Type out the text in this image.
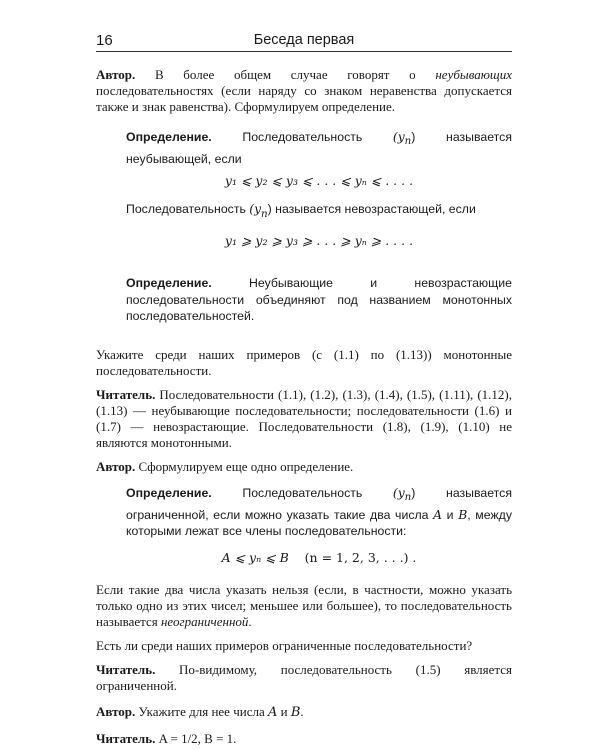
16	Беседа первая

Автор. В более общем случае говорят о неубывающих последовательностях (если наряду со знаком неравенства допускается также и знак равенства). Сформулируем определение.

Определение. Последовательность $(y_n)$ называется неубывающей, если

y₁ ⩽ y₂ ⩽ y₃ ⩽ . . . ⩽ yₙ ⩽ . . . .

Последовательность $(y_n)$ называется невозрастающей, если

y₁ ⩾ y₂ ⩾ y₃ ⩾ . . . ⩾ yₙ ⩾ . . . .

Определение. Неубывающие и невозрастающие последовательности объединяют под названием монотонных последовательностей.

Укажите среди наших примеров (с (1.1) по (1.13)) монотонные последовательности.

Читатель. Последовательности (1.1), (1.2), (1.3), (1.4), (1.5), (1.11), (1.12), (1.13) — неубывающие последовательности; последовательности (1.6) и (1.7) — невозрастающие. Последовательности (1.8), (1.9), (1.10) не являются монотонными.

Автор. Сформулируем еще одно определение.

Определение. Последовательность $(y_n)$ называется ограниченной, если можно указать такие два числа A и B, между которыми лежат все члены последовательности:

A ⩽ yₙ ⩽ B (n = 1, 2, 3, . . .) .

Если такие два числа указать нельзя (если, в частности, можно указать только одно из этих чисел; меньшее или большее), то последовательность называется неограниченной.

Есть ли среди наших примеров ограниченные последовательности?

Читатель. По-видимому, последовательность (1.5) является ограниченной.

Автор. Укажите для нее числа A и B.

Читатель. A = 1/2, B = 1.
